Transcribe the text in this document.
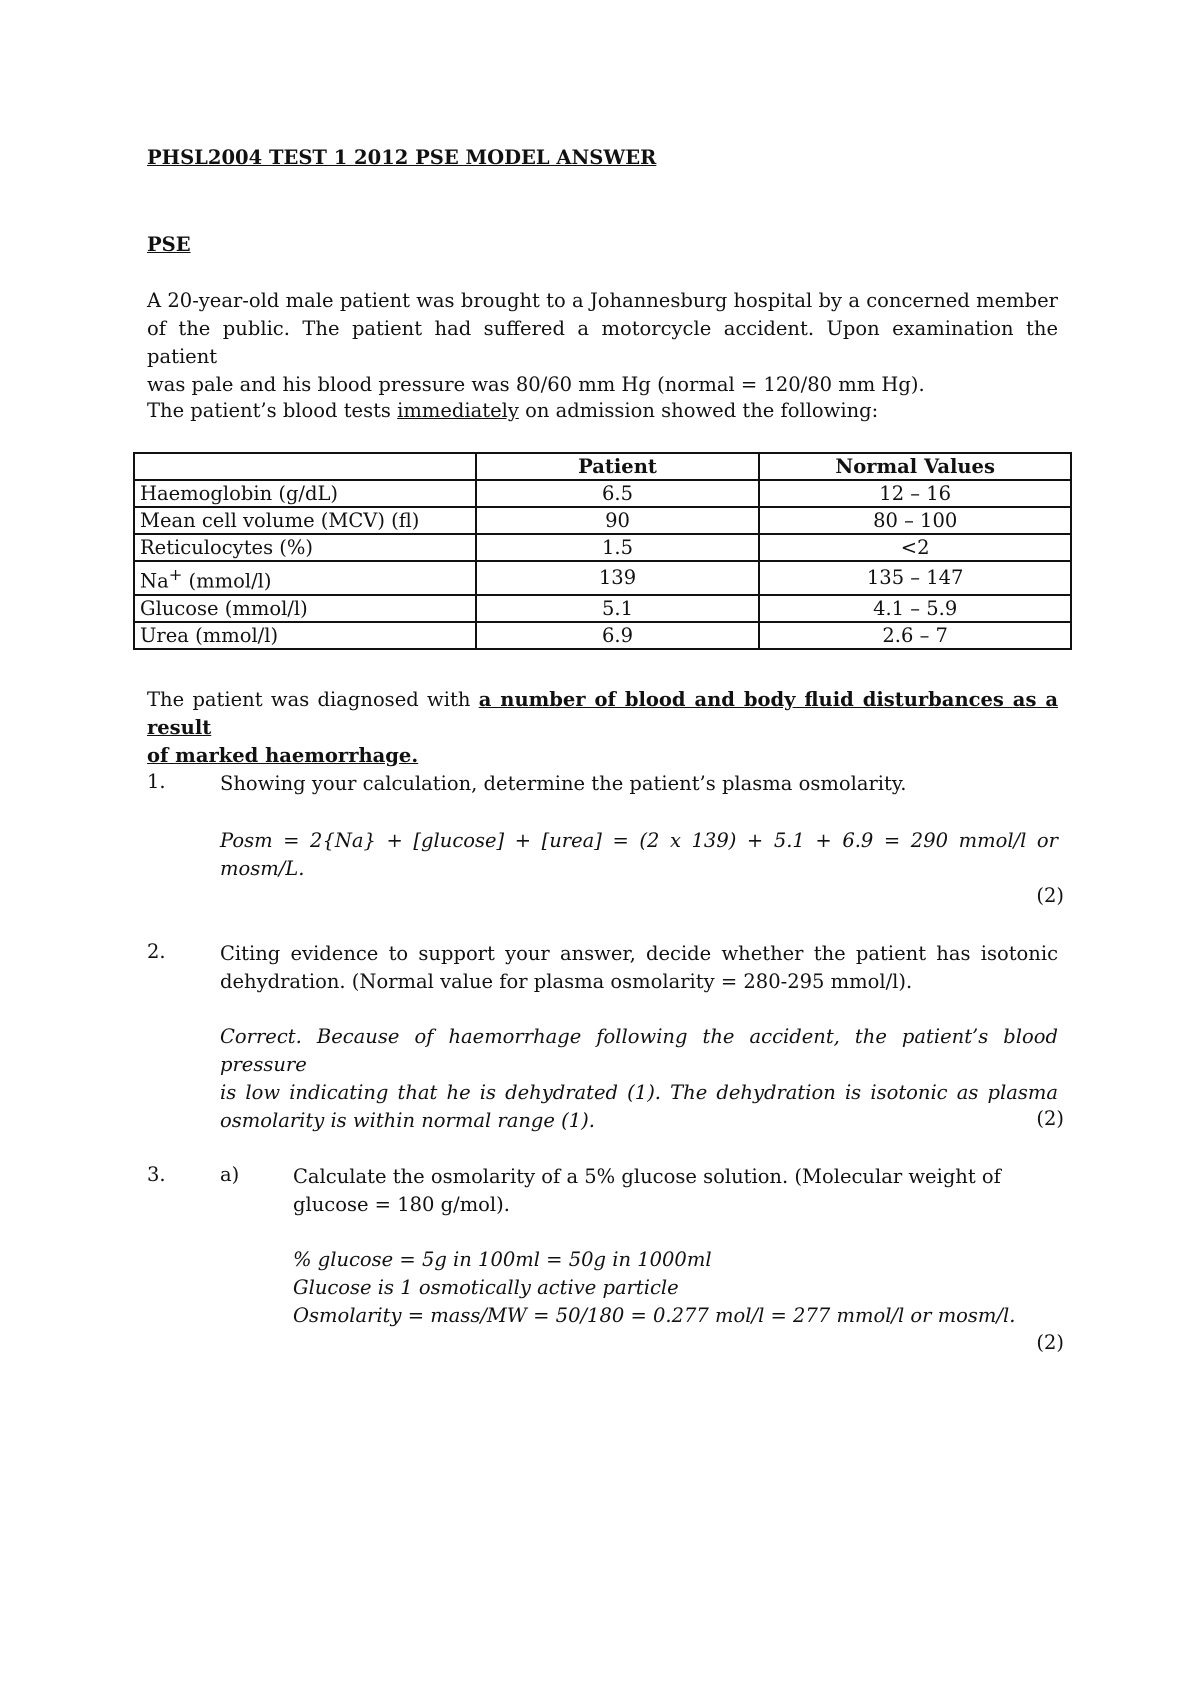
PHSL2004 TEST 1 2012 PSE MODEL ANSWER

PSE

A 20-year-old male patient was brought to a Johannesburg hospital by a concerned member
of the public. The patient had suffered a motorcycle accident. Upon examination the patient
was pale and his blood pressure was 80/60 mm Hg (normal = 120/80 mm Hg).

The patient’s blood tests immediately on admission showed the following:

	Patient	Normal Values
Haemoglobin (g/dL)	6.5	12 – 16
Mean cell volume (MCV) (fl)	90	80 – 100
Reticulocytes (%)	1.5	<2
Na+ (mmol/l)	139	135 – 147
Glucose (mmol/l)	5.1	4.1 – 5.9
Urea (mmol/l)	6.9	2.6 – 7
The patient was diagnosed with a number of blood and body fluid disturbances as a result
of marked haemorrhage.

1.	Showing your calculation, determine the patient’s plasma osmolarity.

Posm = 2{Na} + [glucose] + [urea] = (2 x 139) + 5.1 + 6.9 = 290 mmol/l or
mosm/L.

(2)

2.	Citing evidence to support your answer, decide whether the patient has isotonic
dehydration. (Normal value for plasma osmolarity = 280-295 mmol/l).
Correct. Because of haemorrhage following the accident, the patient’s blood pressure
is low indicating that he is dehydrated (1). The dehydration is isotonic as plasma
osmolarity is within normal range (1).	(2)

3.	a)	Calculate the osmolarity of a 5% glucose solution. (Molecular weight of
glucose = 180 g/mol).
% glucose = 5g in 100ml = 50g in 1000ml
Glucose is 1 osmotically active particle
Osmolarity = mass/MW = 50/180 = 0.277 mol/l = 277 mmol/l or mosm/l.

(2)
